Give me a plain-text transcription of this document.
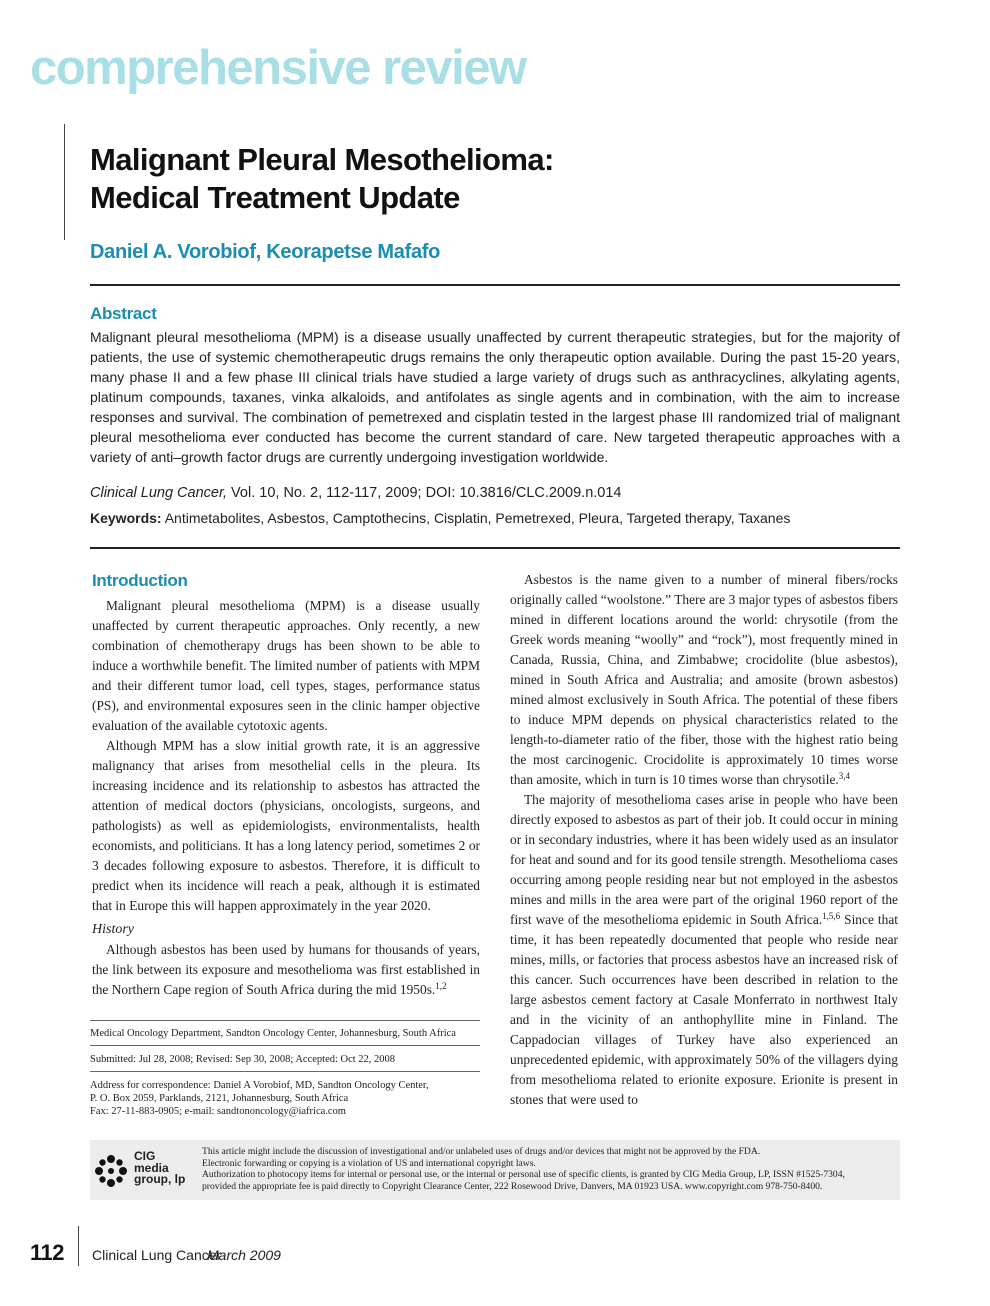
comprehensive review
Malignant Pleural Mesothelioma:
Medical Treatment Update
Daniel A. Vorobiof, Keorapetse Mafafo
Abstract
Malignant pleural mesothelioma (MPM) is a disease usually unaffected by current therapeutic strategies, but for the majority of patients, the use of systemic chemotherapeutic drugs remains the only therapeutic option available. During the past 15-20 years, many phase II and a few phase III clinical trials have studied a large variety of drugs such as anthracyclines, alkylating agents, platinum compounds, taxanes, vinka alkaloids, and antifolates as single agents and in combination, with the aim to increase responses and survival. The combination of pemetrexed and cisplatin tested in the largest phase III randomized trial of malignant pleural mesothelioma ever conducted has become the current standard of care. New targeted therapeutic approaches with a variety of anti–growth factor drugs are currently undergoing investigation worldwide.
Clinical Lung Cancer, Vol. 10, No. 2, 112-117, 2009; DOI: 10.3816/CLC.2009.n.014
Keywords: Antimetabolites, Asbestos, Camptothecins, Cisplatin, Pemetrexed, Pleura, Targeted therapy, Taxanes
Introduction

Malignant pleural mesothelioma (MPM) is a disease usually unaffected by current therapeutic approaches. Only recently, a new combination of chemotherapy drugs has been shown to be able to induce a worthwhile benefit. The limited number of patients with MPM and their different tumor load, cell types, stages, performance status (PS), and environmental exposures seen in the clinic hamper objective evaluation of the available cytotoxic agents.

Although MPM has a slow initial growth rate, it is an aggressive malignancy that arises from mesothelial cells in the pleura. Its increasing incidence and its relationship to asbestos has attracted the attention of medical doctors (physicians, oncologists, surgeons, and pathologists) as well as epidemiologists, environmentalists, health economists, and politicians. It has a long latency period, sometimes 2 or 3 decades following exposure to asbestos. Therefore, it is difficult to predict when its incidence will reach a peak, although it is estimated that in Europe this will happen approximately in the year 2020.

History

Although asbestos has been used by humans for thousands of years, the link between its exposure and mesothelioma was first established in the Northern Cape region of South Africa during the mid 1950s.$^{1,2}$

Asbestos is the name given to a number of mineral fibers/rocks originally called “woolstone.” There are 3 major types of asbestos fibers mined in different locations around the world: chrysotile (from the Greek words meaning “woolly” and “rock”), most frequently mined in Canada, Russia, China, and Zimbabwe; crocidolite (blue asbestos), mined in South Africa and Australia; and amosite (brown asbestos) mined almost exclusively in South Africa. The potential of these fibers to induce MPM depends on physical characteristics related to the length-to-diameter ratio of the fiber, those with the highest ratio being the most carcinogenic. Crocidolite is approximately 10 times worse than amosite, which in turn is 10 times worse than chrysotile.$^{3,4}$

The majority of mesothelioma cases arise in people who have been directly exposed to asbestos as part of their job. It could occur in mining or in secondary industries, where it has been widely used as an insulator for heat and sound and for its good tensile strength. Mesothelioma cases occurring among people residing near but not employed in the asbestos mines and mills in the area were part of the original 1960 report of the first wave of the mesothelioma epidemic in South Africa.$^{1,5,6}$ Since that time, it has been repeatedly documented that people who reside near mines, mills, or factories that process asbestos have an increased risk of this cancer. Such occurrences have been described in relation to the large asbestos cement factory at Casale Monferrato in northwest Italy and in the vicinity of an anthophyllite mine in Finland. The Cappadocian villages of Turkey have also experienced an unprecedented epidemic, with approximately 50% of the villagers dying from mesothelioma related to erionite exposure. Erionite is present in stones that were used to

Medical Oncology Department, Sandton Oncology Center, Johannesburg, South Africa
Submitted: Jul 28, 2008; Revised: Sep 30, 2008; Accepted: Oct 22, 2008
Address for correspondence: Daniel A Vorobiof, MD, Sandton Oncology Center,
P. O. Box 2059, Parklands, 2121, Johannesburg, South Africa
Fax: 27-11-883-0905; e-mail: sandtononcology@iafrica.com
CIG
media
group, lp
This article might include the discussion of investigational and/or unlabeled uses of drugs and/or devices that might not be approved by the FDA.
Electronic forwarding or copying is a violation of US and international copyright laws.
Authorization to photocopy items for internal or personal use, or the internal or personal use of specific clients, is granted by CIG Media Group, LP, ISSN #1525-7304,
provided the appropriate fee is paid directly to Copyright Clearance Center, 222 Rosewood Drive, Danvers, MA 01923 USA. www.copyright.com 978-750-8400.
112 Clinical Lung Cancer
March 2009
